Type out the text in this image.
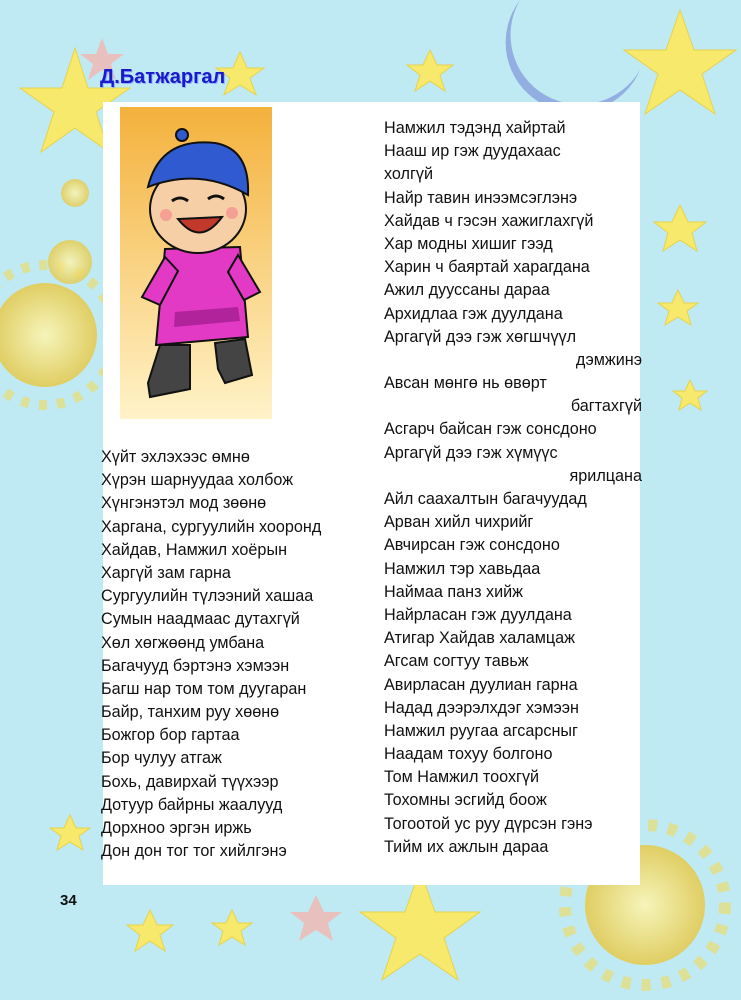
Д.Батжаргал
Хүйт эхлэхээс өмнө
Хүрэн шарнуудаа холбож
Хүнгэнэтэл мод зөөнө
Харгана, сургуулийн хооронд
Хайдав, Намжил хоёрын
Харгүй зам гарна
Сургуулийн түлээний хашаа
Сумын наадмаас дутахгүй
Хөл хөгжөөнд умбана
Багачууд бэртэнэ хэмээн
Багш нар том том дуугаран
Байр, танхим руу хөөнө
Божгор бор гартаа
Бор чулуу атгаж
Бохь, давирхай түүхээр
Дотуур байрны жаалууд
Дорхноо эргэн иржь
Дон дон тог тог хийлгэнэ
Намжил тэдэнд хайртай
Нааш ир гэж дуудахаас
холгүй
Найр тавин инээмсэглэнэ
Хайдав ч гэсэн хажиглахгүй
Хар модны хишиг гээд
Харин ч баяртай харагдана
Ажил дууссаны дараа
Архидлаа гэж дуулдана
Аргагүй дээ гэж хөгшчүүл
дэмжинэ
Авсан мөнгө нь өвөрт
багтахгүй
Асгарч байсан гэж сонсдоно
Аргагүй дээ гэж хүмүүс
ярилцана
Айл саахалтын багачуудад
Арван хийл чихрийг
Авчирсан гэж сонсдоно
Намжил тэр хавьдаа
Наймаа панз хийж
Найрласан гэж дуулдана
Атигар Хайдав халамцаж
Агсам согтуу тавьж
Авирласан дуулиан гарна
Надад дээрэлхдэг хэмээн
Намжил руугаа агсарсныг
Наадам тохуу болгоно
Том Намжил тоохгүй
Тохомны эсгийд боож
Тогоотой ус руу дүрсэн гэнэ
Тийм их ажлын дараа
34
